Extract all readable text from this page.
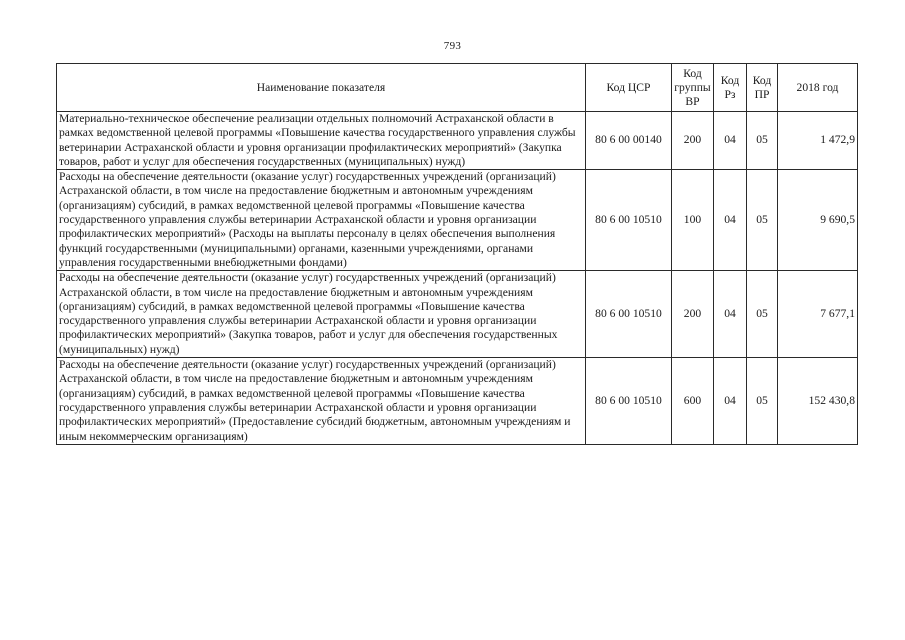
793
Наименование показателя	Код ЦСР	Код группы ВР	Код Рз	Код ПР	2018 год
Материально-техническое обеспечение реализации отдельных полномочий Астраханской области в рамках ведомственной целевой программы «Повышение качества государственного управления службы ветеринарии Астраханской области и уровня организации профилактических мероприятий» (Закупка товаров, работ и услуг для обеспечения государственных (муниципальных) нужд)	80 6 00 00140	200	04	05	1 472,9
Расходы на обеспечение деятельности (оказание услуг) государственных учреждений (организаций) Астраханской области, в том числе на предоставление бюджетным и автономным учреждениям (организациям) субсидий, в рамках ведомственной целевой программы «Повышение качества государственного управления службы ветеринарии Астраханской области и уровня организации профилактических мероприятий» (Расходы на выплаты персоналу в целях обеспечения выполнения функций государственными (муниципальными) органами, казенными учреждениями, органами управления государственными внебюджетными фондами)	80 6 00 10510	100	04	05	9 690,5
Расходы на обеспечение деятельности (оказание услуг) государственных учреждений (организаций) Астраханской области, в том числе на предоставление бюджетным и автономным учреждениям (организациям) субсидий, в рамках ведомственной целевой программы «Повышение качества государственного управления службы ветеринарии Астраханской области и уровня организации профилактических мероприятий» (Закупка товаров, работ и услуг для обеспечения государственных (муниципальных) нужд)	80 6 00 10510	200	04	05	7 677,1
Расходы на обеспечение деятельности (оказание услуг) государственных учреждений (организаций) Астраханской области, в том числе на предоставление бюджетным и автономным учреждениям (организациям) субсидий, в рамках ведомственной целевой программы «Повышение качества государственного управления службы ветеринарии Астраханской области и уровня организации профилактических мероприятий» (Предоставление субсидий бюджетным, автономным учреждениям и иным некоммерческим организациям)	80 6 00 10510	600	04	05	152 430,8
